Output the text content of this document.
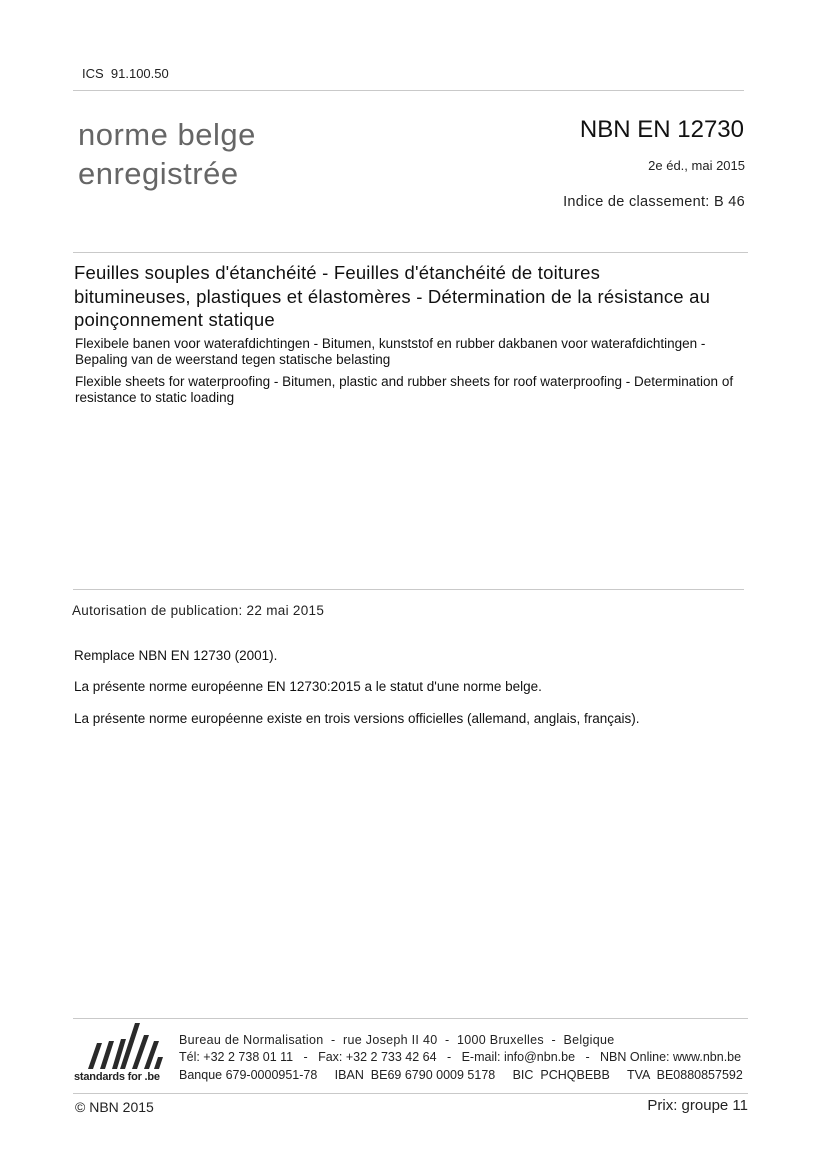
ICS  91.100.50
norme belge
enregistrée
NBN EN 12730
2e éd., mai 2015
Indice de classement: B 46
Feuilles souples d'étanchéité - Feuilles d'étanchéité de toitures bitumineuses, plastiques et élastomères - Détermination de la résistance au poinçonnement statique
Flexibele banen voor waterafdichtingen - Bitumen, kunststof en rubber dakbanen voor waterafdichtingen - Bepaling van de weerstand tegen statische belasting
Flexible sheets for waterproofing - Bitumen, plastic and rubber sheets for roof waterproofing - Determination of resistance to static loading
Autorisation de publication: 22 mai 2015
Remplace NBN EN 12730 (2001).
La présente norme européenne EN 12730:2015 a le statut d'une norme belge.
La présente norme européenne existe en trois versions officielles (allemand, anglais, français).
standards for .be
Bureau de Normalisation  -  rue Joseph II 40  -  1000 Bruxelles  -  Belgique
Tél: +32 2 738 01 11   -   Fax: +32 2 733 42 64   -   E-mail: info@nbn.be   -   NBN Online: www.nbn.be
Banque 679-0000951-78     IBAN  BE69 6790 0009 5178     BIC  PCHQBEBB     TVA  BE0880857592
© NBN 2015	Prix: groupe 11
